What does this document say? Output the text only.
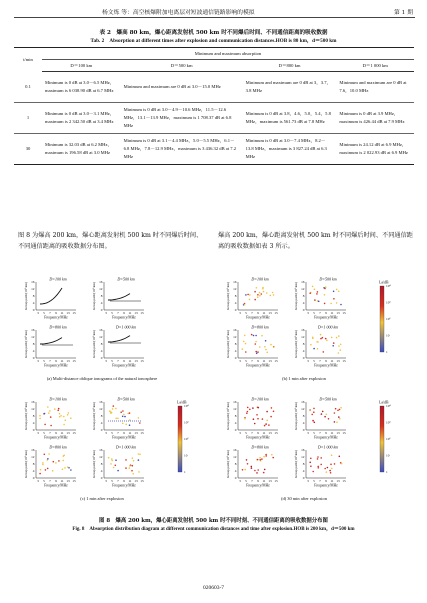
杨文炼 等：高空核爆附加电离层对短波通信链路影响的模拟	第 1 期
表 2　爆高 80 km，爆心距离发射机 500 km 时不同爆后时间、不同通信距离的吸收数据
Tab. 2　Absorption at different times after explosion and communication distances.HOB is 80 km，d＝500 km
t/min	Minimum and maximum absorption			
	D＝100 km	D＝500 km	D＝800 km	D＝1 000 km
0.1	Minimum is 0 dB at 3.0－6.5 MHz，maximum is 6 038.90 dB at 6.7 MHz	Minimum and maximum are 0 dB at 3.0－15.0 MHz	Minimum and maximum are 0 dB at 3，3.7，3.8 MHz	Minimum and maximum are 0 dB at 7.6，10.0 MHz
1	Minimum is 0 dB at 3.0－3.1 MHz，maximum is 2 342.50 dB at 3.4 MHz	Minimum is 0 dB at 3.0－4.9－10.6 MHz，11.5－12.6 MHz，13.1－13.9 MHz，maximum is 1 708.37 dB at 6.8 MHz	Minimum is 0 dB at 3.8，4.6，5.0，5.4，5.8 MHz，maximum is 561.73 dB at 7.8 MHz	Minimum is 0 dB at 3.9 MHz，maximum is 426.44 dB at 7.9 MHz
30	Minimum is 32.03 dB at 6.2 MHz，maximum is 196.58 dB at 3.0 MHz	Minimum is 0 dB at 3.1－4.4 MHz，5.0－5.5 MHz，6.1－6.8 MHz，7.8－12.9 MHz，maximum is 3 436.32 dB at 7.2 MHz	Minimum is 0 dB at 3.0－7.4 MHz，8.2－13.8 MHz，maximum is 3 827.24 dB at 6.3 MHz	Minimum is 24.12 dB at 6.9 MHz，maximum is 2 022.93 dB at 6.9 MHz
图 8 为爆高 200 km，爆心距离发射机 500 km 时不同爆后时间、不同通信距离的吸收数据分布图。
爆高 200 km，爆心距离发射机 500 km 时不同爆后时间、不同通信距离的吸收数据如表 3 所示。
0
4
8
12
16
3 5 7 9 11 13 15
Frequency/MHz
Group path/(10³ km)
D=100 km
0
4
8
12
16
3 5 7 9 11 13 15
Frequency/MHz
Group path/(10³ km)
D=500 km
0
4
8
12
16
3 5 7 9 11 13 15
Frequency/MHz
Group path/(10³ km)
D=800 km
0
4
8
12
16
3 5 7 9 11 13 15
Frequency/MHz
Group path/(10³ km)
D=1 000 km
(a) Multi-distance oblique ionograms of the natural ionosphere
0
4
8
12
16
3 5 7 9 11 13 15
Frequency/MHz
Group path/(10³ km)
D=100 km
0
4
8
12
16
3 5 7 9 11 13 15
Frequency/MHz
Group path/(10³ km)
D=500 km
0
4
8
12
16
3 5 7 9 11 13 15
Frequency/MHz
Group path/(10³ km)
D=800 km
0
4
8
12
16
3 5 7 9 11 13 15
Frequency/MHz
Group path/(10³ km)
D=1 000 km
La/dB
10⁴
10³
10²
10
1
(b) 1 min after explosion
0
4
8
12
16
3 5 7 9 11 13 15
Frequency/MHz
Group path/(10³ km)
D=100 km
0
4
8
12
16
3 5 7 9 11 13 15
Frequency/MHz
Group path/(10³ km)
D=500 km
0
4
8
12
16
3 5 7 9 11 13 15
Frequency/MHz
Group path/(10³ km)
D=800 km
0
4
8
12
16
3 5 7 9 11 13 15
Frequency/MHz
Group path/(10³ km)
D=1 000 km
La/dB
10⁴
10³
10²
10
1
(c) 1 min after explosion
0
4
8
12
16
3 5 7 9 11 13 15
Frequency/MHz
Group path/(10³ km)
D=100 km
0
4
8
12
16
3 5 7 9 11 13 15
Frequency/MHz
Group path/(10³ km)
D=500 km
0
4
8
12
16
3 5 7 9 11 13 15
Frequency/MHz
Group path/(10³ km)
D=800 km
0
4
8
12
16
3 5 7 9 11 13 15
Frequency/MHz
Group path/(10³ km)
D=1 000 km
La/dB
10⁴
10³
10²
10
1
(d) 30 min after explosion
图 8　爆高 200 km，爆心距离发射机 500 km 时不同时刻、不同通信距离的吸收数据分布图
Fig. 8　Absorption distribution diagram at different communication distances and time after explosion.HOB is 200 km，d＝500 km
020603-7
